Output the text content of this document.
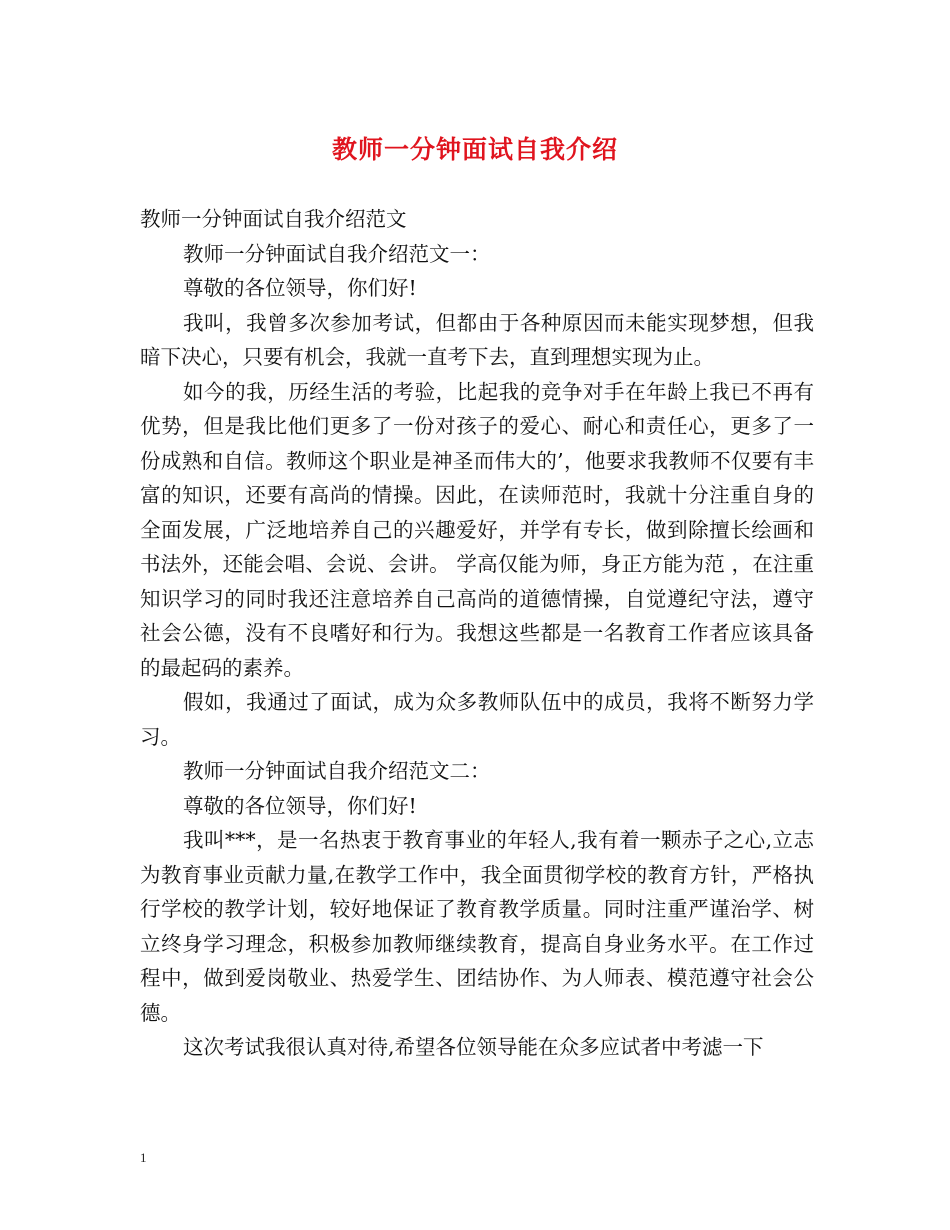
教师一分钟面试自我介绍

教师一分钟面试自我介绍范文

教师一分钟面试自我介绍范文一：

尊敬的各位领导，你们好!

我叫，我曾多次参加考试，但都由于各种原因而未能实现梦想，但我暗下决心，只要有机会，我就一直考下去，直到理想实现为止。

如今的我，历经生活的考验，比起我的竞争对手在年龄上我已不再有优势，但是我比他们更多了一份对孩子的爱心、耐心和责任心，更多了一份成熟和自信。教师这个职业是神圣而伟大的’，他要求我教师不仅要有丰富的知识，还要有高尚的情操。因此，在读师范时，我就十分注重自身的全面发展，广泛地培养自己的兴趣爱好，并学有专长，做到除擅长绘画和书法外，还能会唱、会说、会讲。 学高仅能为师，身正方能为范 ，在注重知识学习的同时我还注意培养自己高尚的道德情操，自觉遵纪守法，遵守社会公德，没有不良嗜好和行为。我想这些都是一名教育工作者应该具备的最起码的素养。

假如，我通过了面试，成为众多教师队伍中的成员，我将不断努力学习。

教师一分钟面试自我介绍范文二：

尊敬的各位领导，你们好!

我叫***，是一名热衷于教育事业的年轻人,我有着一颗赤子之心,立志为教育事业贡献力量,在教学工作中，我全面贯彻学校的教育方针，严格执行学校的教学计划，较好地保证了教育教学质量。同时注重严谨治学、树立终身学习理念，积极参加教师继续教育，提高自身业务水平。在工作过程中，做到爱岗敬业、热爱学生、团结协作、为人师表、模范遵守社会公德。

这次考试我很认真对待,希望各位领导能在众多应试者中考滤一下

1
